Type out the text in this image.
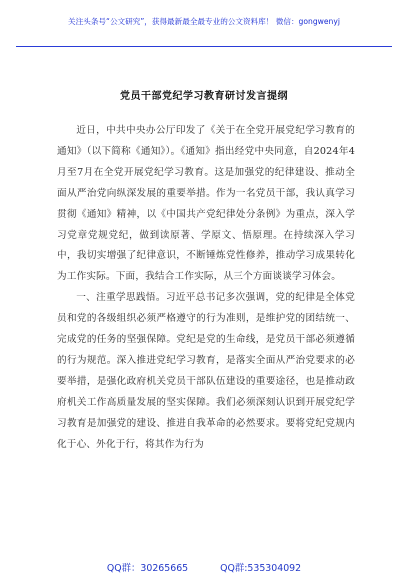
关注头条号“公文研究”，获得最新最全最专业的公文资料库！ 微信：gongwenyj
党员干部党纪学习教育研讨发言提纲

近日，中共中央办公厅印发了《关于在全党开展党纪学习教育的通知》（以下简称《通知》）。《通知》指出经党中央同意，自2024年4月至7月在全党开展党纪学习教育。这是加强党的纪律建设、推动全面从严治党向纵深发展的重要举措。作为一名党员干部，我认真学习贯彻《通知》精神，以《中国共产党纪律处分条例》为重点，深入学习党章党规党纪，做到读原著、学原文、悟原理。在持续深入学习中，我切实增强了纪律意识，不断锤炼党性修养，推动学习成果转化为工作实际。下面，我结合工作实际，从三个方面谈谈学习体会。

一、注重学思践悟。习近平总书记多次强调，党的纪律是全体党员和党的各级组织必须严格遵守的行为准则，是维护党的团结统一、完成党的任务的坚强保障。党纪是党的生命线，是党员干部必须遵循的行为规范。深入推进党纪学习教育，是落实全面从严治党要求的必要举措，是强化政府机关党员干部队伍建设的重要途径，也是推动政府机关工作高质量发展的坚实保障。我们必须深刻认识到开展党纪学习教育是加强党的建设、推进自我革命的必然要求。要将党纪党规内化于心、外化于行，将其作为行为

QQ群：30265665	QQ群:535304092
